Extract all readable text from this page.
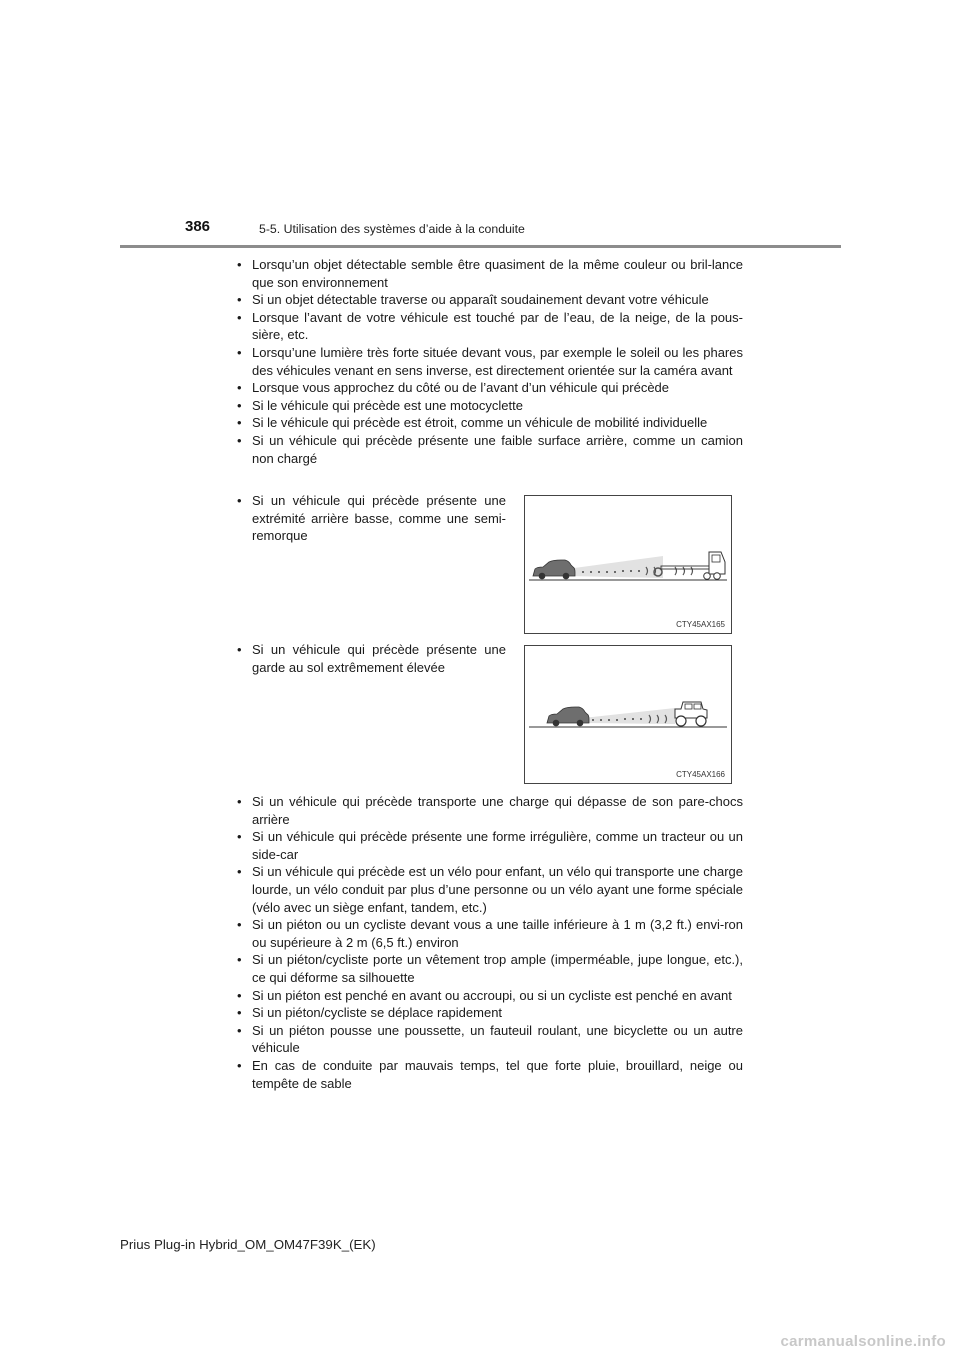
386	5-5. Utilisation des systèmes d’aide à la conduite
• Lorsqu’un objet détectable semble être quasiment de la même couleur ou bril-lance que son environnement
• Si un objet détectable traverse ou apparaît soudainement devant votre véhicule
• Lorsque l’avant de votre véhicule est touché par de l’eau, de la neige, de la pous-sière, etc.
• Lorsqu’une lumière très forte située devant vous, par exemple le soleil ou les phares des véhicules venant en sens inverse, est directement orientée sur la caméra avant
• Lorsque vous approchez du côté ou de l’avant d’un véhicule qui précède
• Si le véhicule qui précède est une motocyclette
• Si le véhicule qui précède est étroit, comme un véhicule de mobilité individuelle
• Si un véhicule qui précède présente une faible surface arrière, comme un camion non chargé
• Si un véhicule qui précède présente une extrémité arrière basse, comme une semi-remorque
CTY45AX165
• Si un véhicule qui précède présente une garde au sol extrêmement élevée
CTY45AX166
• Si un véhicule qui précède transporte une charge qui dépasse de son pare-chocs arrière
• Si un véhicule qui précède présente une forme irrégulière, comme un tracteur ou un side-car
• Si un véhicule qui précède est un vélo pour enfant, un vélo qui transporte une charge lourde, un vélo conduit par plus d’une personne ou un vélo ayant une forme spéciale (vélo avec un siège enfant, tandem, etc.)
• Si un piéton ou un cycliste devant vous a une taille inférieure à 1 m (3,2 ft.) envi-ron ou supérieure à 2 m (6,5 ft.) environ
• Si un piéton/cycliste porte un vêtement trop ample (imperméable, jupe longue, etc.), ce qui déforme sa silhouette
• Si un piéton est penché en avant ou accroupi, ou si un cycliste est penché en avant
• Si un piéton/cycliste se déplace rapidement
• Si un piéton pousse une poussette, un fauteuil roulant, une bicyclette ou un autre véhicule
• En cas de conduite par mauvais temps, tel que forte pluie, brouillard, neige ou tempête de sable
Prius Plug-in Hybrid_OM_OM47F39K_(EK)
carmanualsonline.info
